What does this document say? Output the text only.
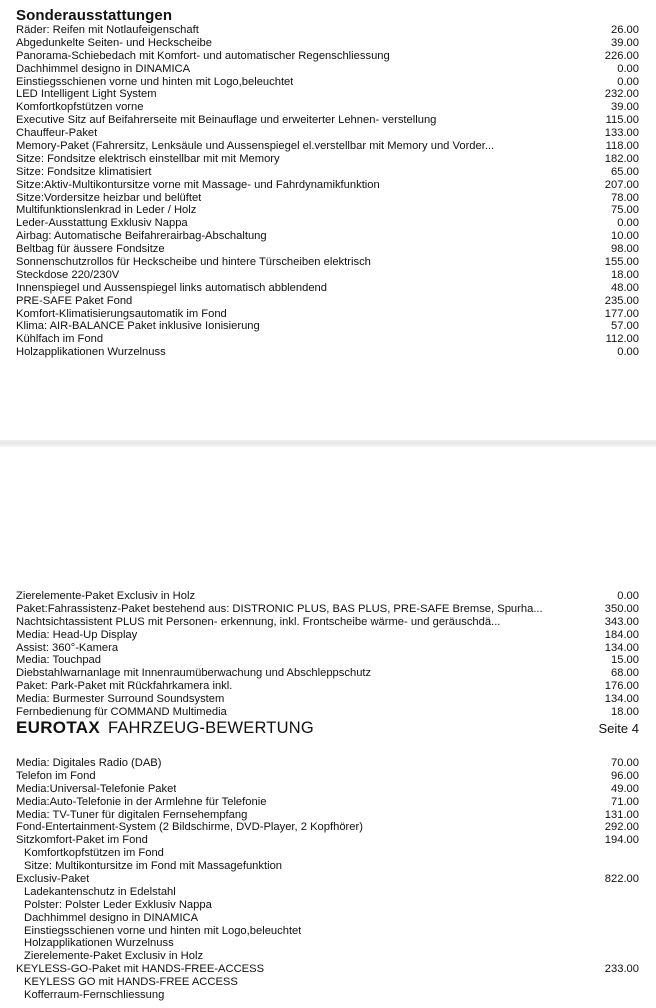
Sonderausstattungen
Räder: Reifen mit Notlaufeigenschaft	26.00
Abgedunkelte Seiten- und Heckscheibe	39.00
Panorama-Schiebedach mit Komfort- und automatischer Regenschliessung	226.00
Dachhimmel designo in DINAMICA	0.00
Einstiegsschienen vorne und hinten mit Logo,beleuchtet	0.00
LED Intelligent Light System	232.00
Komfortkopfstützen vorne	39.00
Executive Sitz auf Beifahrerseite mit Beinauflage und erweiterter Lehnen- verstellung	115.00
Chauffeur-Paket	133.00
Memory-Paket (Fahrersitz, Lenksäule und Aussenspiegel el.verstellbar mit Memory und Vorder...	118.00
Sitze: Fondsitze elektrisch einstellbar mit mit Memory	182.00
Sitze: Fondsitze klimatisiert	65.00
Sitze:Aktiv-Multikontursitze vorne mit Massage- und Fahrdynamikfunktion	207.00
Sitze:Vordersitze heizbar und belüftet	78.00
Multifunktionslenkrad in Leder / Holz	75.00
Leder-Ausstattung Exklusiv Nappa	0.00
Airbag: Automatische Beifahrerairbag-Abschaltung	10.00
Beltbag für äussere Fondsitze	98.00
Sonnenschutzrollos für Heckscheibe und hintere Türscheiben elektrisch	155.00
Steckdose 220/230V	18.00
Innenspiegel und Aussenspiegel links automatisch abblendend	48.00
PRE-SAFE Paket Fond	235.00
Komfort-Klimatisierungsautomatik im Fond	177.00
Klima: AIR-BALANCE Paket inklusive Ionisierung	57.00
Kühlfach im Fond	112.00
Holzapplikationen Wurzelnuss	0.00
Zierelemente-Paket Exclusiv in Holz	0.00
Paket:Fahrassistenz-Paket bestehend aus: DISTRONIC PLUS, BAS PLUS, PRE-SAFE Bremse, Spurha...	350.00
Nachtsichtassistent PLUS mit Personen- erkennung, inkl. Frontscheibe wärme- und geräuschdä...	343.00
Media: Head-Up Display	184.00
Assist: 360°-Kamera	134.00
Media: Touchpad	15.00
Diebstahlwarnanlage mit Innenraumüberwachung und Abschleppschutz	68.00
Paket: Park-Paket mit Rückfahrkamera inkl.	176.00
Media: Burmester Surround Soundsystem	134.00
Fernbedienung für COMMAND Multimedia	18.00
EUROTAX FAHRZEUG-BEWERTUNG	Seite 4
Media: Digitales Radio (DAB)	70.00
Telefon im Fond	96.00
Media:Universal-Telefonie Paket	49.00
Media:Auto-Telefonie in der Armlehne für Telefonie	71.00
Media: TV-Tuner für digitalen Fernsehempfang	131.00
Fond-Entertainment-System (2 Bildschirme, DVD-Player, 2 Kopfhörer)	292.00
Sitzkomfort-Paket im Fond	194.00
Komfortkopfstützen im Fond
Sitze: Multikontursitze im Fond mit Massagefunktion
Exclusiv-Paket	822.00
Ladekantenschutz in Edelstahl
Polster: Polster Leder Exklusiv Nappa
Dachhimmel designo in DINAMICA
Einstiegsschienen vorne und hinten mit Logo,beleuchtet
Holzapplikationen Wurzelnuss
Zierelemente-Paket Exclusiv in Holz
KEYLESS-GO-Paket mit HANDS-FREE-ACCESS	233.00
KEYLESS GO mit HANDS-FREE ACCESS
Kofferraum-Fernschliessung
